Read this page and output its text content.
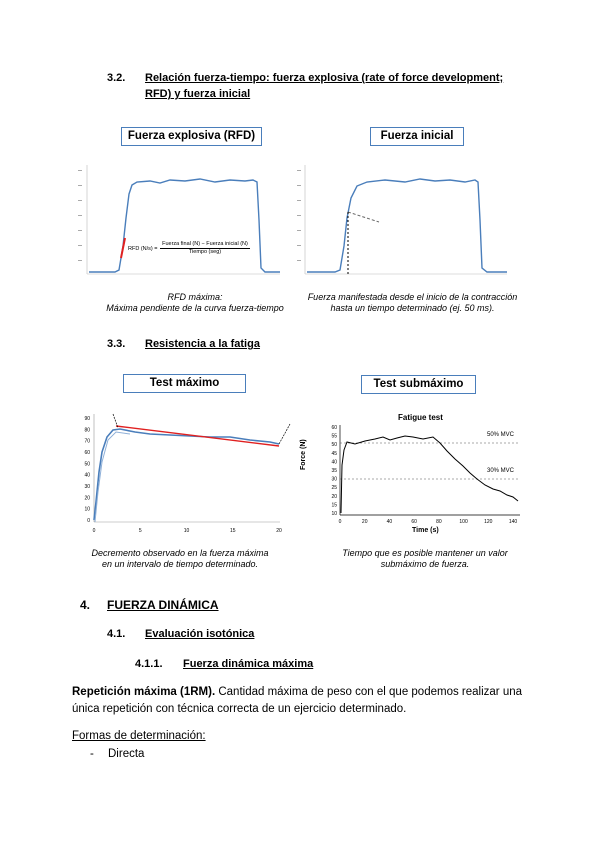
3.2. Relación fuerza-tiempo: fuerza explosiva (rate of force development;
RFD) y fuerza inicial
Fuerza explosiva (RFD)
RFD (N/s) =
Fuerza final (N) − Fuerza inicial (N)
Tiempo (seg)
RFD máxima:
Máxima pendiente de la curva fuerza-tiempo
Fuerza inicial
Fuerza manifestada desde el inicio de la contracción
hasta un tiempo determinado (ej. 50 ms).
3.3. Resistencia a la fatiga
Test máximo
90
80
70
60
50
40
30
20
10
0
0	5	10	15	20
Decremento observado en la fuerza máxima
en un intervalo de tiempo determinado.
Test submáximo
Fatigue test
Force (N)
60
55
50
45
40
35
30
25
20
15
10
0	20	40	60	80	100	120	140
50% MVC
30% MVC
Time (s)
Tiempo que es posible mantener un valor
submáximo de fuerza.
4. FUERZA DINÁMICA
4.1. Evaluación isotónica
4.1.1. Fuerza dinámica máxima
Repetición máxima (1RM). Cantidad máxima de peso con el que podemos realizar una
única repetición con técnica correcta de un ejercicio determinado.
Formas de determinación:
- Directa
